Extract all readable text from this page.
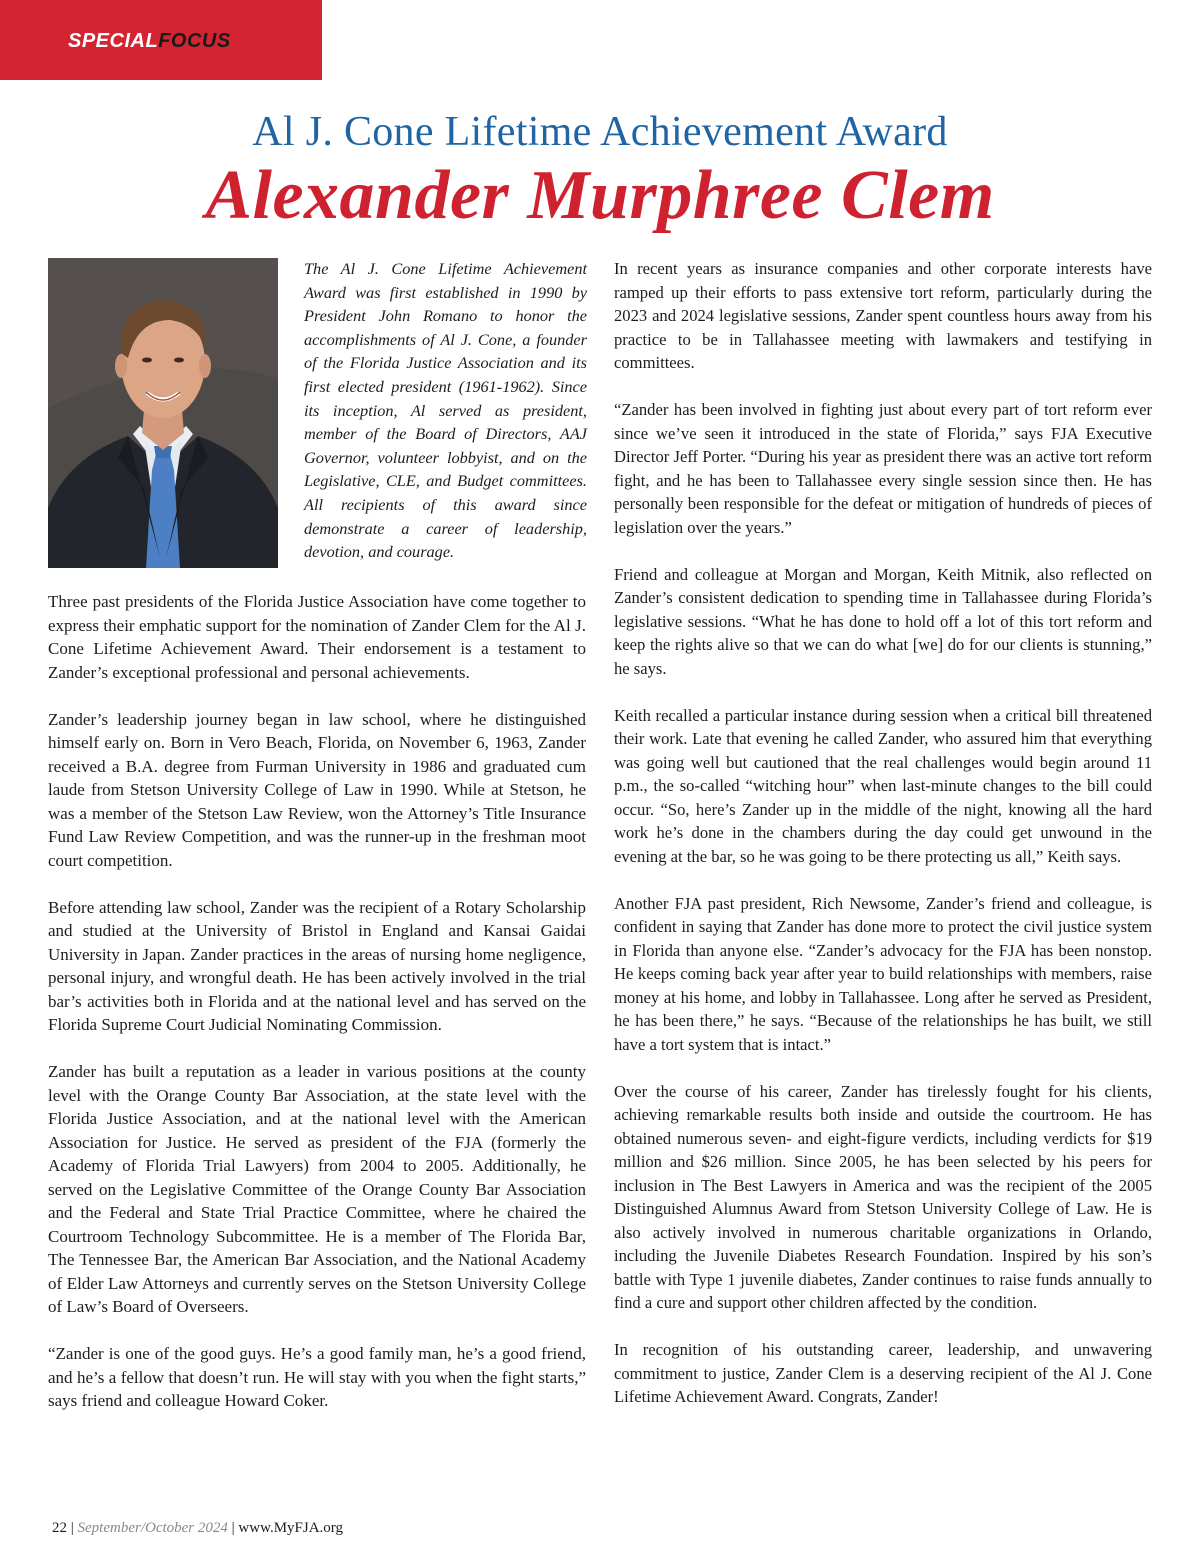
SPECIALFOCUS
Al J. Cone Lifetime Achievement Award
Alexander Murphree Clem

The Al J. Cone Lifetime Achievement Award was first established in 1990 by President John Romano to honor the accomplishments of Al J. Cone, a founder of the Florida Justice Association and its first elected president (1961-1962). Since its inception, Al served as president, member of the Board of Directors, AAJ Governor, volunteer lobbyist, and on the Legislative, CLE, and Budget committees. All recipients of this award since demonstrate a career of leadership, devotion, and courage.

Three past presidents of the Florida Justice Association have come together to express their emphatic support for the nomination of Zander Clem for the Al J. Cone Lifetime Achievement Award. Their endorsement is a testament to Zander’s exceptional professional and personal achievements.

Zander’s leadership journey began in law school, where he distinguished himself early on. Born in Vero Beach, Florida, on November 6, 1963, Zander received a B.A. degree from Furman University in 1986 and graduated cum laude from Stetson University College of Law in 1990. While at Stetson, he was a member of the Stetson Law Review, won the Attorney’s Title Insurance Fund Law Review Competition, and was the runner-up in the freshman moot court competition.

Before attending law school, Zander was the recipient of a Rotary Scholarship and studied at the University of Bristol in England and Kansai Gaidai University in Japan. Zander practices in the areas of nursing home negligence, personal injury, and wrongful death. He has been actively involved in the trial bar’s activities both in Florida and at the national level and has served on the Florida Supreme Court Judicial Nominating Commission.

Zander has built a reputation as a leader in various positions at the county level with the Orange County Bar Association, at the state level with the Florida Justice Association, and at the national level with the American Association for Justice. He served as president of the FJA (formerly the Academy of Florida Trial Lawyers) from 2004 to 2005. Additionally, he served on the Legislative Committee of the Orange County Bar Association and the Federal and State Trial Practice Committee, where he chaired the Courtroom Technology Subcommittee. He is a member of The Florida Bar, The Tennessee Bar, the American Bar Association, and the National Academy of Elder Law Attorneys and currently serves on the Stetson University College of Law’s Board of Overseers.

“Zander is one of the good guys. He’s a good family man, he’s a good friend, and he’s a fellow that doesn’t run. He will stay with you when the fight starts,” says friend and colleague Howard Coker.

In recent years as insurance companies and other corporate interests have ramped up their efforts to pass extensive tort reform, particularly during the 2023 and 2024 legislative sessions, Zander spent countless hours away from his practice to be in Tallahassee meeting with lawmakers and testifying in committees.

“Zander has been involved in fighting just about every part of tort reform ever since we’ve seen it introduced in the state of Florida,” says FJA Executive Director Jeff Porter. “During his year as president there was an active tort reform fight, and he has been to Tallahassee every single session since then. He has personally been responsible for the defeat or mitigation of hundreds of pieces of legislation over the years.”

Friend and colleague at Morgan and Morgan, Keith Mitnik, also reflected on Zander’s consistent dedication to spending time in Tallahassee during Florida’s legislative sessions. “What he has done to hold off a lot of this tort reform and keep the rights alive so that we can do what [we] do for our clients is stunning,” he says.

Keith recalled a particular instance during session when a critical bill threatened their work. Late that evening he called Zander, who assured him that everything was going well but cautioned that the real challenges would begin around 11 p.m., the so-called “witching hour” when last-minute changes to the bill could occur. “So, here’s Zander up in the middle of the night, knowing all the hard work he’s done in the chambers during the day could get unwound in the evening at the bar, so he was going to be there protecting us all,” Keith says.

Another FJA past president, Rich Newsome, Zander’s friend and colleague, is confident in saying that Zander has done more to protect the civil justice system in Florida than anyone else. “Zander’s advocacy for the FJA has been nonstop. He keeps coming back year after year to build relationships with members, raise money at his home, and lobby in Tallahassee. Long after he served as President, he has been there,” he says. “Because of the relationships he has built, we still have a tort system that is intact.”

Over the course of his career, Zander has tirelessly fought for his clients, achieving remarkable results both inside and outside the courtroom. He has obtained numerous seven- and eight-figure verdicts, including verdicts for $19 million and $26 million. Since 2005, he has been selected by his peers for inclusion in The Best Lawyers in America and was the recipient of the 2005 Distinguished Alumnus Award from Stetson University College of Law. He is also actively involved in numerous charitable organizations in Orlando, including the Juvenile Diabetes Research Foundation. Inspired by his son’s battle with Type 1 juvenile diabetes, Zander continues to raise funds annually to find a cure and support other children affected by the condition.

In recognition of his outstanding career, leadership, and unwavering commitment to justice, Zander Clem is a deserving recipient of the Al J. Cone Lifetime Achievement Award. Congrats, Zander!

22 | September/October 2024 | www.MyFJA.org
